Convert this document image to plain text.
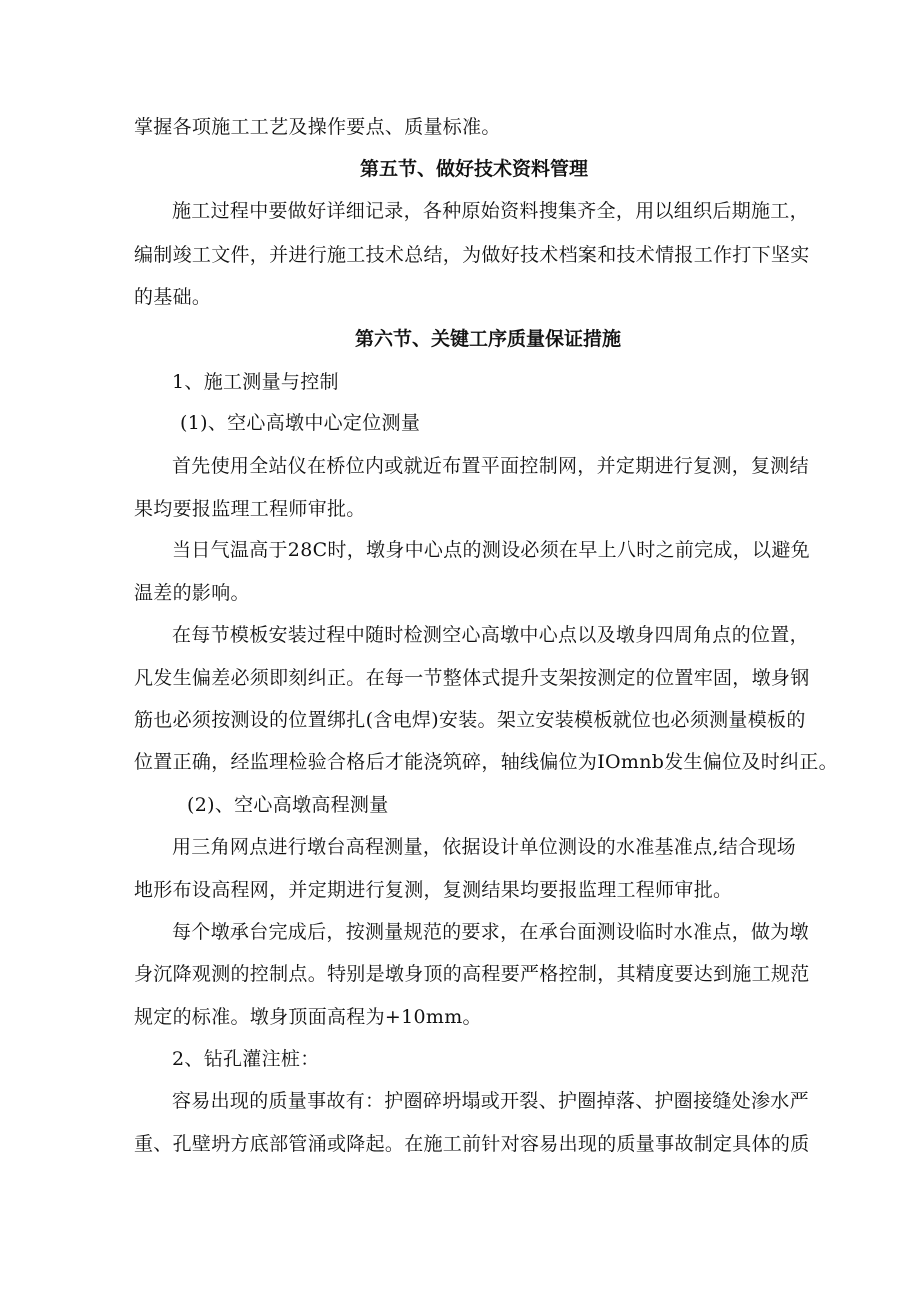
掌握各项施工工艺及操作要点、质量标准。
第五节、做好技术资料管理
施工过程中要做好详细记录，各种原始资料搜集齐全，用以组织后期施工，
编制竣工文件，并进行施工技术总结，为做好技术档案和技术情报工作打下坚实
的基础。
第六节、关键工序质量保证措施
1、施工测量与控制
(1)、空心高墩中心定位测量
首先使用全站仪在桥位内或就近布置平面控制网，并定期进行复测，复测结
果均要报监理工程师审批。
当日气温高于28C时，墩身中心点的测设必须在早上八时之前完成，以避免
温差的影响。
在每节模板安装过程中随时检测空心高墩中心点以及墩身四周角点的位置，
凡发生偏差必须即刻纠正。在每一节整体式提升支架按测定的位置牢固，墩身钢
筋也必须按测设的位置绑扎(含电焊)安装。架立安装模板就位也必须测量模板的
位置正确，经监理检验合格后才能浇筑碎，轴线偏位为IOmnb发生偏位及时纠正。
(2)、空心高墩高程测量
用三角网点进行墩台高程测量，依据设计单位测设的水准基准点,结合现场
地形布设高程网，并定期进行复测，复测结果均要报监理工程师审批。
每个墩承台完成后，按测量规范的要求，在承台面测设临时水准点，做为墩
身沉降观测的控制点。特别是墩身顶的高程要严格控制，其精度要达到施工规范
规定的标准。墩身顶面高程为+10mm。
2、钻孔灌注桩：
容易出现的质量事故有：护圈碎坍塌或开裂、护圈掉落、护圈接缝处渗水严
重、孔壁坍方底部管涌或降起。在施工前针对容易出现的质量事故制定具体的质
